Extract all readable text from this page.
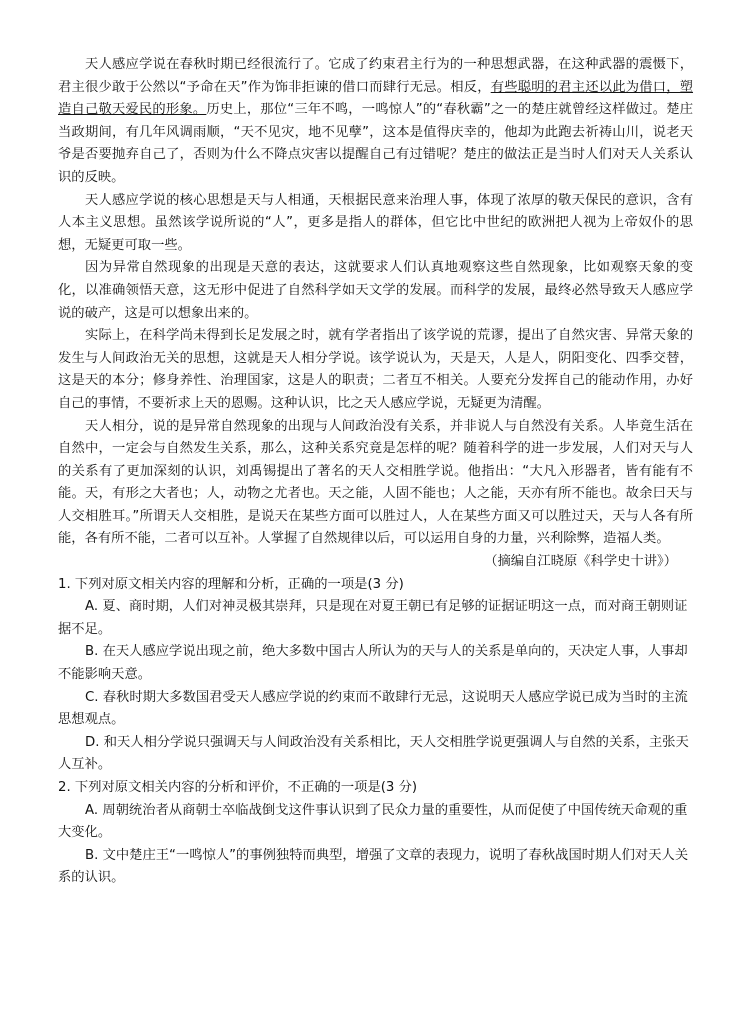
天人感应学说在春秋时期已经很流行了。它成了约束君主行为的一种思想武器，在这种武器的震慑下，君主很少敢于公然以“予命在天”作为饰非拒谏的借口而肆行无忌。相反，有些聪明的君主还以此为借口，塑造自己敬天爱民的形象。历史上，那位“三年不鸣，一鸣惊人”的“春秋霸”之一的楚庄就曾经这样做过。楚庄当政期间，有几年风调雨顺，“天不见灾，地不见孽”，这本是值得庆幸的，他却为此跑去祈祷山川，说老天爷是否要抛弃自己了，否则为什么不降点灾害以提醒自己有过错呢？楚庄的做法正是当时人们对天人关系认识的反映。

天人感应学说的核心思想是天与人相通，天根据民意来治理人事，体现了浓厚的敬天保民的意识，含有人本主义思想。虽然该学说所说的“人”，更多是指人的群体，但它比中世纪的欧洲把人视为上帝奴仆的思想，无疑更可取一些。

因为异常自然现象的出现是天意的表达，这就要求人们认真地观察这些自然现象，比如观察天象的变化，以准确领悟天意，这无形中促进了自然科学如天文学的发展。而科学的发展，最终必然导致天人感应学说的破产，这是可以想象出来的。

实际上，在科学尚未得到长足发展之时，就有学者指出了该学说的荒谬，提出了自然灾害、异常天象的发生与人间政治无关的思想，这就是天人相分学说。该学说认为，天是天，人是人，阴阳变化、四季交替，这是天的本分；修身养性、治理国家，这是人的职责；二者互不相关。人要充分发挥自己的能动作用，办好自己的事情，不要祈求上天的恩赐。这种认识，比之天人感应学说，无疑更为清醒。

天人相分，说的是异常自然现象的出现与人间政治没有关系，并非说人与自然没有关系。人毕竟生活在自然中，一定会与自然发生关系，那么，这种关系究竟是怎样的呢？随着科学的进一步发展，人们对天与人的关系有了更加深刻的认识，刘禹锡提出了著名的天人交相胜学说。他指出：“大凡入形器者，皆有能有不能。天，有形之大者也；人，动物之尤者也。天之能，人固不能也；人之能，天亦有所不能也。故余曰天与人交相胜耳。”所谓天人交相胜，是说天在某些方面可以胜过人，人在某些方面又可以胜过天，天与人各有所能，各有所不能，二者可以互补。人掌握了自然规律以后，可以运用自身的力量，兴利除弊，造福人类。

（摘编自江晓原《科学史十讲》）

1. 下列对原文相关内容的理解和分析，正确的一项是(3 分)

A. 夏、商时期，人们对神灵极其崇拜，只是现在对夏王朝已有足够的证据证明这一点，而对商王朝则证据不足。

B. 在天人感应学说出现之前，绝大多数中国古人所认为的天与人的关系是单向的，天决定人事，人事却不能影响天意。

C. 春秋时期大多数国君受天人感应学说的约束而不敢肆行无忌，这说明天人感应学说已成为当时的主流思想观点。

D. 和天人相分学说只强调天与人间政治没有关系相比，天人交相胜学说更强调人与自然的关系，主张天人互补。

2. 下列对原文相关内容的分析和评价，不正确的一项是(3 分)

A. 周朝统治者从商朝士卒临战倒戈这件事认识到了民众力量的重要性，从而促使了中国传统天命观的重大变化。

B. 文中楚庄王“一鸣惊人”的事例独特而典型，增强了文章的表现力，说明了春秋战国时期人们对天人关系的认识。
